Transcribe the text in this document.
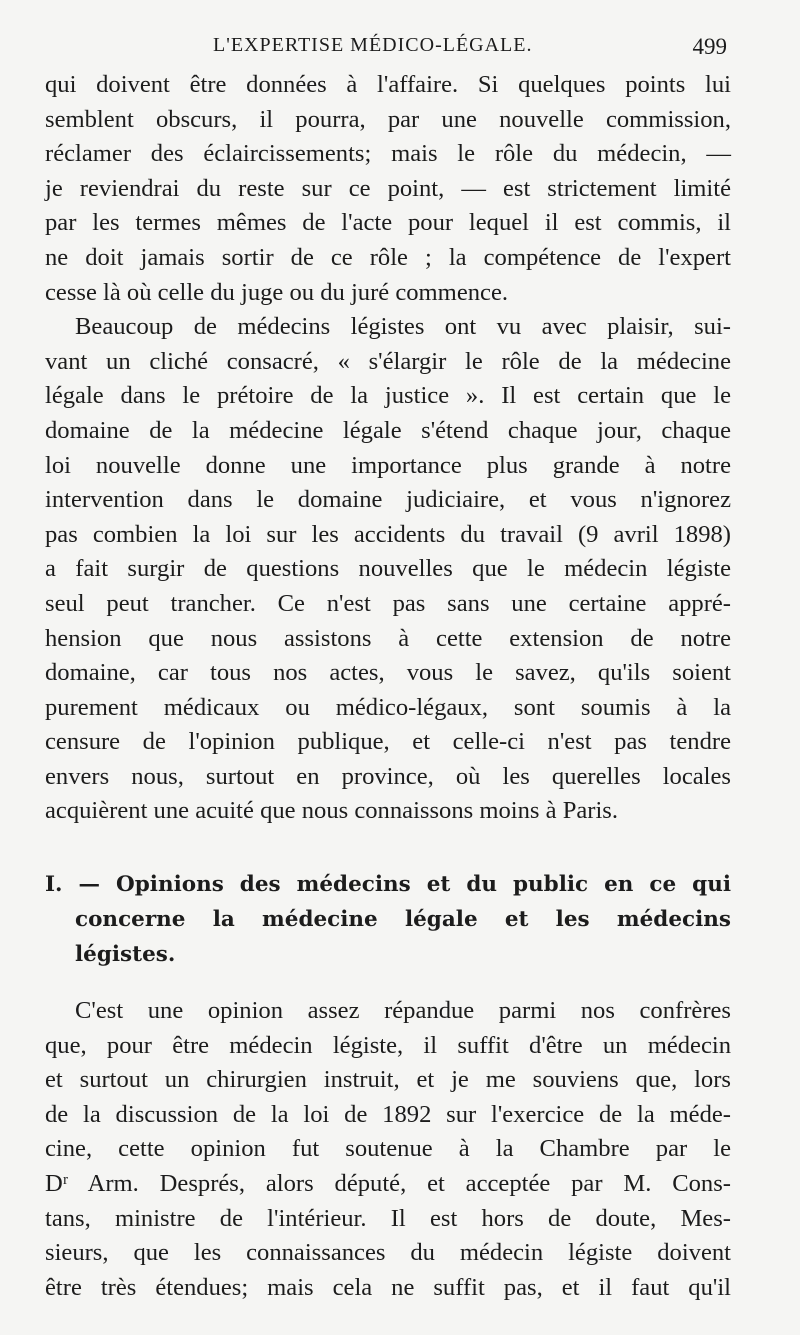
L'EXPERTISE MÉDICO-LÉGALE.	499
qui doivent être données à l'affaire. Si quelques points lui
semblent obscurs, il pourra, par une nouvelle commission,
réclamer des éclaircissements; mais le rôle du médecin, —
je reviendrai du reste sur ce point, — est strictement limité
par les termes mêmes de l'acte pour lequel il est commis, il
ne doit jamais sortir de ce rôle ; la compétence de l'expert
cesse là où celle du juge ou du juré commence.
Beaucoup de médecins légistes ont vu avec plaisir, sui-
vant un cliché consacré, « s'élargir le rôle de la médecine
légale dans le prétoire de la justice ». Il est certain que le
domaine de la médecine légale s'étend chaque jour, chaque
loi nouvelle donne une importance plus grande à notre
intervention dans le domaine judiciaire, et vous n'ignorez
pas combien la loi sur les accidents du travail (9 avril 1898)
a fait surgir de questions nouvelles que le médecin légiste
seul peut trancher. Ce n'est pas sans une certaine appré-
hension que nous assistons à cette extension de notre
domaine, car tous nos actes, vous le savez, qu'ils soient
purement médicaux ou médico-légaux, sont soumis à la
censure de l'opinion publique, et celle-ci n'est pas tendre
envers nous, surtout en province, où les querelles locales
acquièrent une acuité que nous connaissons moins à Paris.
I. — Opinions des médecins et du public en ce qui
concerne la médecine légale et les médecins
légistes.
C'est une opinion assez répandue parmi nos confrères
que, pour être médecin légiste, il suffit d'être un médecin
et surtout un chirurgien instruit, et je me souviens que, lors
de la discussion de la loi de 1892 sur l'exercice de la méde-
cine, cette opinion fut soutenue à la Chambre par le
Dʳ Arm. Després, alors député, et acceptée par M. Cons-
tans, ministre de l'intérieur. Il est hors de doute, Mes-
sieurs, que les connaissances du médecin légiste doivent
être très étendues; mais cela ne suffit pas, et il faut qu'il
